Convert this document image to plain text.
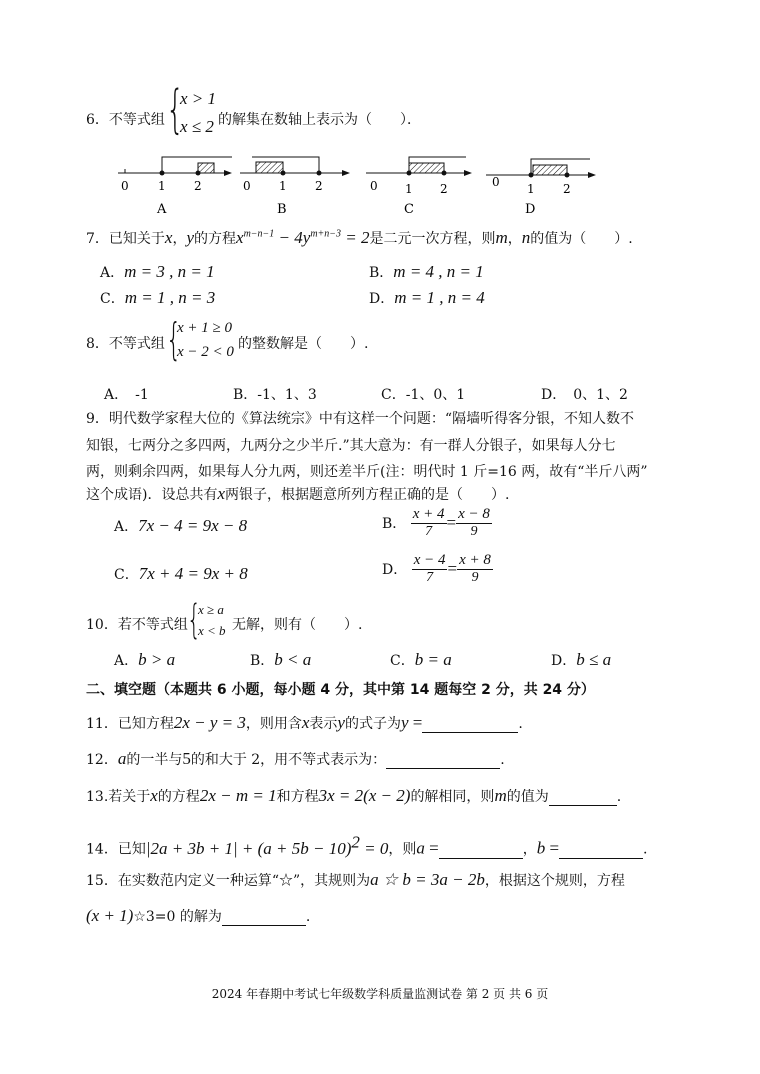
6．不等式组 {
x > 1
x ≤ 2 的解集在数轴上表示为（　　）．
0 1 2
A
0 1 2
B
0 1 2
C
0 1 2
D
7．已知关于x，y的方程$x^{m-n-1} - 4y^{m+n-3} = 2$是二元一次方程，则m，n的值为（　　）.
A．m = 3 , n = 1	B．m = 4 , n = 1
C．m = 1 , n = 3	D．m = 1 , n = 4
8．不等式组 {
x + 1 ≥ 0
x − 2 < 0 的整数解是（　　）.
A．　-1	B．-1、1、3	C．-1、0、1	D．　0、1、2
9．明代数学家程大位的《算法统宗》中有这样一个问题：“隔墙听得客分银，不知人数不
知银，七两分之多四两，九两分之少半斤.”其大意为：有一群人分银子，如果每人分七
两，则剩余四两，如果每人分九两，则还差半斤(注：明代时 1 斤=16 两，故有“半斤八两”
这个成语)．设总共有x两银子，根据题意所列方程正确的是（　　）.
A．7x − 4 = 9x − 8	B． $\frac{x + 4}{7} = \frac{x - 8}{9}$
C．7x + 4 = 9x + 8	D． $\frac{x - 4}{7} = \frac{x + 8}{9}$
10．若不等式组 {
x ≥ a
x < b 无解，则有（　　）.
A．b > a	B．b < a	C．b = a	D．b ≤ a
二、填空题（本题共 6 小题，每小题 4 分，其中第 14 题每空 2 分，共 24 分）
11．已知方程2x − y = 3，则用含x表示y的式子为y =	.
12．a的一半与5的和大于 2，用不等式表示为：	.
13.若关于x的方程2x − m = 1和方程3x = 2(x − 2)的解相同，则m的值为	.
14．已知$|2a + 3b + 1| + (a + 5b - 10)^2 = 0$，则a =	，b =	.
15．在实数范内定义一种运算“☆”，其规则为a ☆ b = 3a − 2b，根据这个规则，方程
(x + 1)☆3=0 的解为	.
2024 年春期中考试七年级数学科质量监测试卷 第 2 页 共 6 页
